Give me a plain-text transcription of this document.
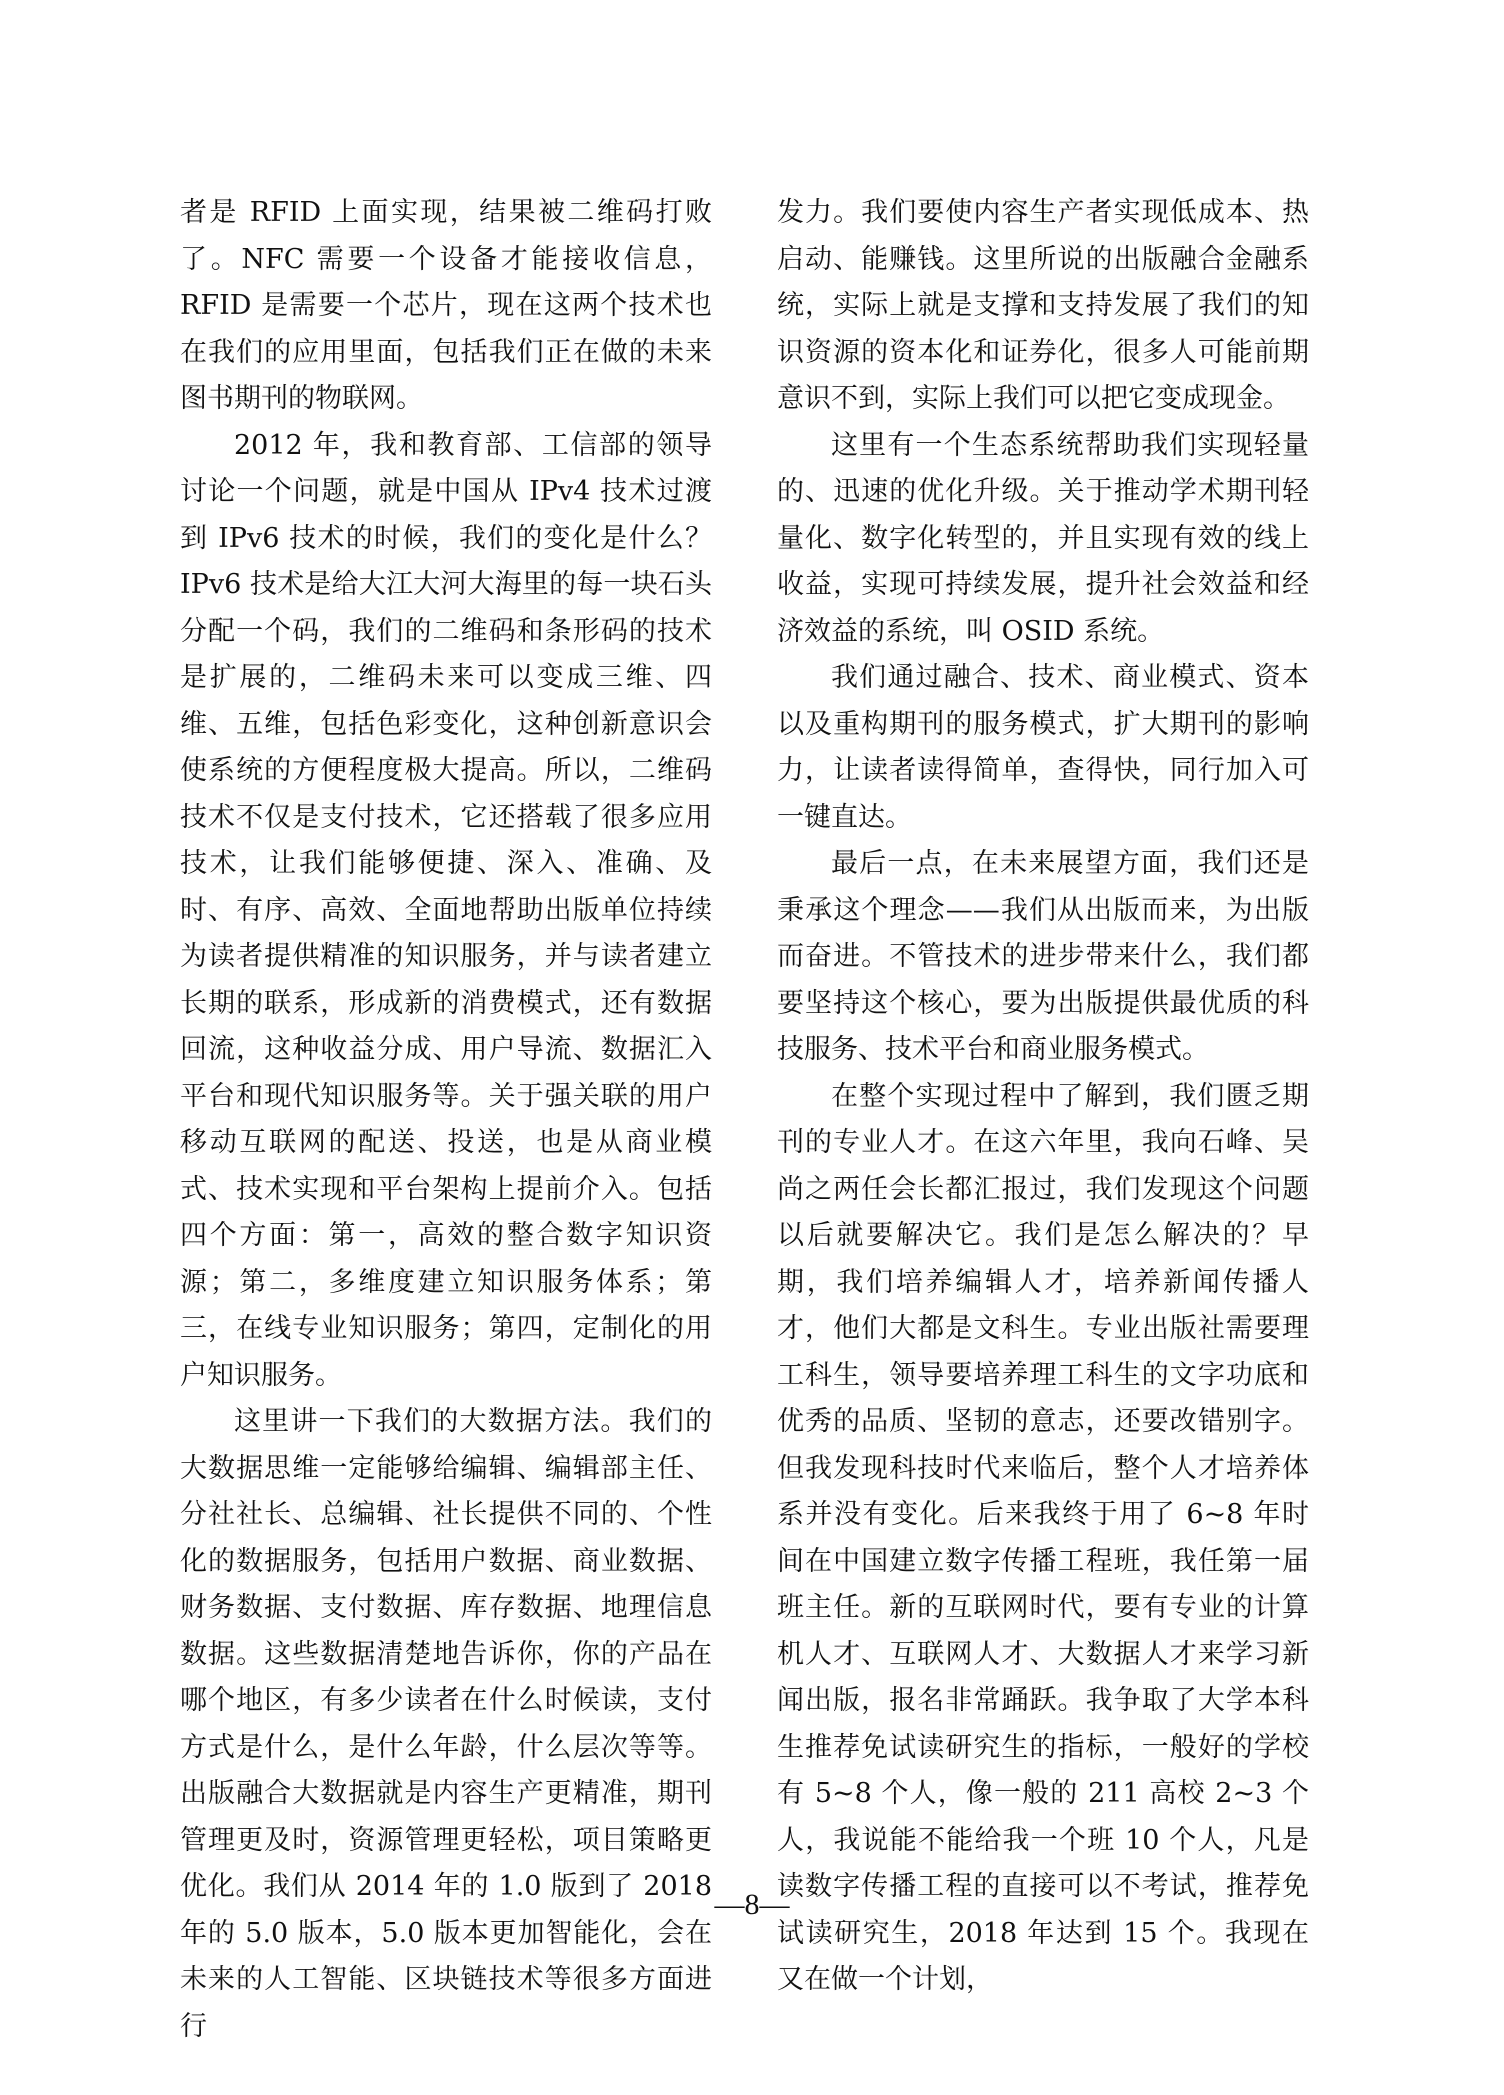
者是 RFID 上面实现，结果被二维码打败了。NFC 需要一个设备才能接收信息，RFID 是需要一个芯片，现在这两个技术也在我们的应用里面，包括我们正在做的未来图书期刊的物联网。

2012 年，我和教育部、工信部的领导讨论一个问题，就是中国从 IPv4 技术过渡到 IPv6 技术的时候，我们的变化是什么？IPv6 技术是给大江大河大海里的每一块石头分配一个码，我们的二维码和条形码的技术是扩展的，二维码未来可以变成三维、四维、五维，包括色彩变化，这种创新意识会使系统的方便程度极大提高。所以，二维码技术不仅是支付技术，它还搭载了很多应用技术，让我们能够便捷、深入、准确、及时、有序、高效、全面地帮助出版单位持续为读者提供精准的知识服务，并与读者建立长期的联系，形成新的消费模式，还有数据回流，这种收益分成、用户导流、数据汇入平台和现代知识服务等。关于强关联的用户移动互联网的配送、投送，也是从商业模式、技术实现和平台架构上提前介入。包括四个方面：第一，高效的整合数字知识资源；第二，多维度建立知识服务体系；第三，在线专业知识服务；第四，定制化的用户知识服务。

这里讲一下我们的大数据方法。我们的大数据思维一定能够给编辑、编辑部主任、分社社长、总编辑、社长提供不同的、个性化的数据服务，包括用户数据、商业数据、财务数据、支付数据、库存数据、地理信息数据。这些数据清楚地告诉你，你的产品在哪个地区，有多少读者在什么时候读，支付方式是什么，是什么年龄，什么层次等等。出版融合大数据就是内容生产更精准，期刊管理更及时，资源管理更轻松，项目策略更优化。我们从 2014 年的 1.0 版到了 2018 年的 5.0 版本，5.0 版本更加智能化，会在未来的人工智能、区块链技术等很多方面进行

发力。我们要使内容生产者实现低成本、热启动、能赚钱。这里所说的出版融合金融系统，实际上就是支撑和支持发展了我们的知识资源的资本化和证券化，很多人可能前期意识不到，实际上我们可以把它变成现金。

这里有一个生态系统帮助我们实现轻量的、迅速的优化升级。关于推动学术期刊轻量化、数字化转型的，并且实现有效的线上收益，实现可持续发展，提升社会效益和经济效益的系统，叫 OSID 系统。

我们通过融合、技术、商业模式、资本以及重构期刊的服务模式，扩大期刊的影响力，让读者读得简单，查得快，同行加入可一键直达。

最后一点，在未来展望方面，我们还是秉承这个理念——我们从出版而来，为出版而奋进。不管技术的进步带来什么，我们都要坚持这个核心，要为出版提供最优质的科技服务、技术平台和商业服务模式。

在整个实现过程中了解到，我们匮乏期刊的专业人才。在这六年里，我向石峰、吴尚之两任会长都汇报过，我们发现这个问题以后就要解决它。我们是怎么解决的？早期，我们培养编辑人才，培养新闻传播人才，他们大都是文科生。专业出版社需要理工科生，领导要培养理工科生的文字功底和优秀的品质、坚韧的意志，还要改错别字。但我发现科技时代来临后，整个人才培养体系并没有变化。后来我终于用了 6~8 年时间在中国建立数字传播工程班，我任第一届班主任。新的互联网时代，要有专业的计算机人才、互联网人才、大数据人才来学习新闻出版，报名非常踊跃。我争取了大学本科生推荐免试读研究生的指标，一般好的学校有 5~8 个人，像一般的 211 高校 2~3 个人，我说能不能给我一个班 10 个人，凡是读数字传播工程的直接可以不考试，推荐免试读研究生，2018 年达到 15 个。我现在又在做一个计划，

—8—
